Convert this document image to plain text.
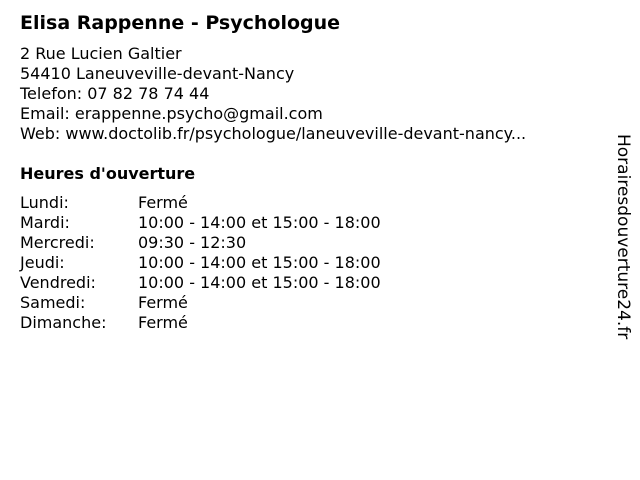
Elisa Rappenne - Psychologue
2 Rue Lucien Galtier
54410 Laneuveville-devant-Nancy
Telefon: 07 82 78 74 44
Email: erappenne.psycho@gmail.com
Web: www.doctolib.fr/psychologue/laneuveville-devant-nancy...
Heures d'ouverture
Lundi:	Fermé
Mardi:	10:00 - 14:00 et 15:00 - 18:00
Mercredi:	09:30 - 12:30
Jeudi:	10:00 - 14:00 et 15:00 - 18:00
Vendredi:	10:00 - 14:00 et 15:00 - 18:00
Samedi:	Fermé
Dimanche:	Fermé	Horairesdouverture24.fr
